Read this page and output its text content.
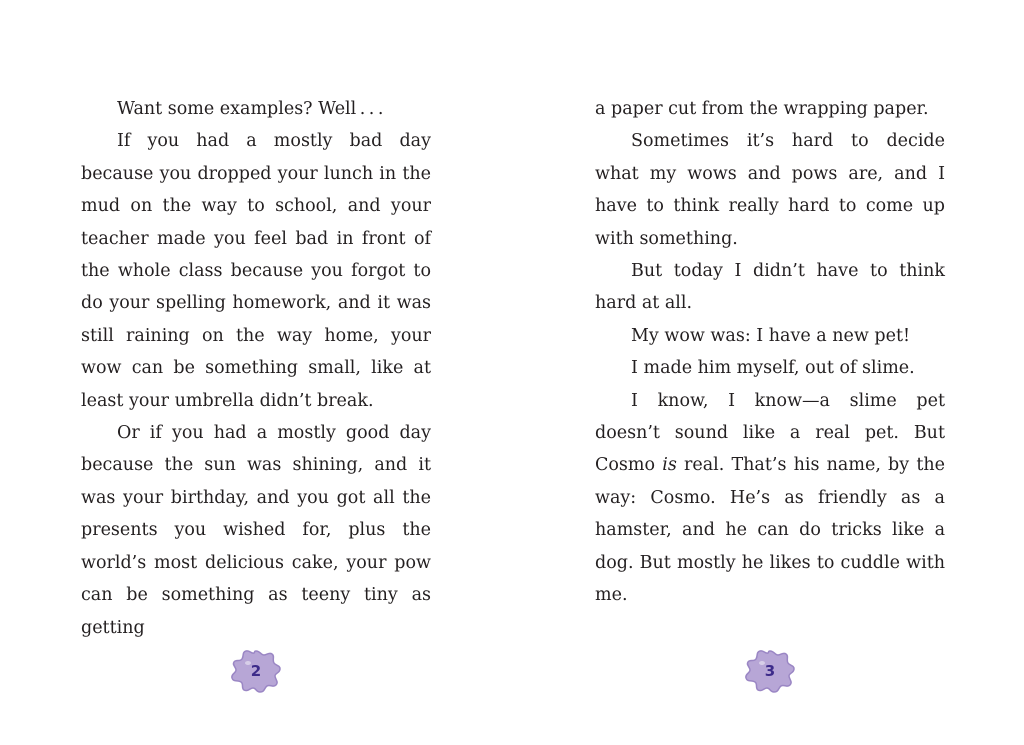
Want some examples? Well . . .

If you had a mostly bad day because you dropped your lunch in the mud on the way to school, and your teacher made you feel bad in front of the whole class because you forgot to do your spelling homework, and it was still raining on the way home, your wow can be something small, like at least your umbrella didn’t break.

Or if you had a mostly good day because the sun was shining, and it was your birthday, and you got all the presents you wished for, plus the world’s most delicious cake, your pow can be something as teeny tiny as getting

a paper cut from the wrapping paper.

Sometimes it’s hard to decide what my wows and pows are, and I have to think really hard to come up with something.

But today I didn’t have to think hard at all.

My wow was: I have a new pet!

I made him myself, out of slime.

I know, I know—a slime pet doesn’t sound like a real pet. But Cosmo is real. That’s his name, by the way: Cosmo. He’s as friendly as a hamster, and he can do tricks like a dog. But mostly he likes to cuddle with me.

2	3
